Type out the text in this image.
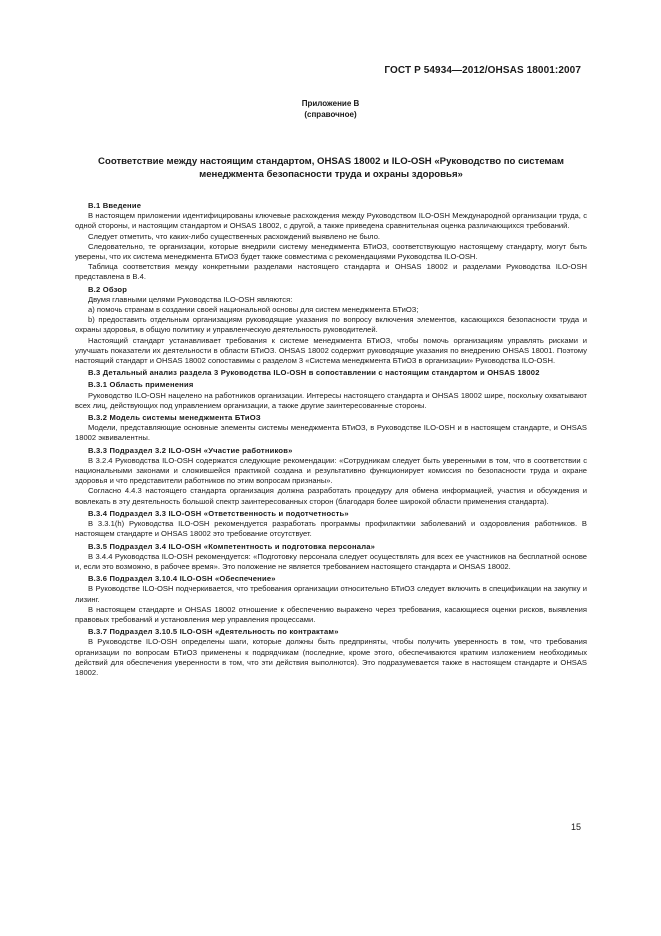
ГОСТ Р 54934—2012/OHSAS 18001:2007
Приложение В
(справочное)
Соответствие между настоящим стандартом, OHSAS 18002 и ILO-OSH «Руководство по системам менеджмента безопасности труда и охраны здоровья»

В.1 Введение

В настоящем приложении идентифицированы ключевые расхождения между Руководством ILO-OSH Международной организации труда, с одной стороны, и настоящим стандартом и OHSAS 18002, с другой, а также приведена сравнительная оценка различающихся требований.

Следует отметить, что каких-либо существенных расхождений выявлено не было.

Следовательно, те организации, которые внедрили систему менеджмента БТиОЗ, соответствующую настоящему стандарту, могут быть уверены, что их система менеджмента БТиОЗ будет также совместима с рекомендациями Руководства ILO-OSH.

Таблица соответствия между конкретными разделами настоящего стандарта и OHSAS 18002 и разделами Руководства ILO-OSH представлена в В.4.

В.2 Обзор

Двумя главными целями Руководства ILO-OSH являются:

а) помочь странам в создании своей национальной основы для систем менеджмента БТиОЗ;

b) предоставить отдельным организациям руководящие указания по вопросу включения элементов, касающихся безопасности труда и охраны здоровья, в общую политику и управленческую деятельность руководителей.

Настоящий стандарт устанавливает требования к системе менеджмента БТиОЗ, чтобы помочь организациям управлять рисками и улучшать показатели их деятельности в области БТиОЗ. OHSAS 18002 содержит руководящие указания по внедрению OHSAS 18001. Поэтому настоящий стандарт и OHSAS 18002 сопоставимы с разделом 3 «Система менеджмента БТиОЗ в организации» Руководства ILO-OSH.

В.3 Детальный анализ раздела 3 Руководства ILO-OSH в сопоставлении с настоящим стандартом и OHSAS 18002

В.3.1 Область применения

Руководство ILO-OSH нацелено на работников организации. Интересы настоящего стандарта и OHSAS 18002 шире, поскольку охватывают всех лиц, действующих под управлением организации, а также другие заинтересованные стороны.

В.3.2 Модель системы менеджмента БТиОЗ

Модели, представляющие основные элементы системы менеджмента БТиОЗ, в Руководстве ILO-OSH и в настоящем стандарте, и OHSAS 18002 эквивалентны.

В.3.3 Подраздел 3.2 ILO-OSH «Участие работников»

В 3.2.4 Руководства ILO-OSH содержатся следующие рекомендации: «Сотрудникам следует быть уверенными в том, что в соответствии с национальными законами и сложившейся практикой создана и результативно функционирует комиссия по безопасности труда и охране здоровья и что представители работников по этим вопросам признаны».

Согласно 4.4.3 настоящего стандарта организация должна разработать процедуру для обмена информацией, участия и обсуждения и вовлекать в эту деятельность большой спектр заинтересованных сторон (благодаря более широкой области применения стандарта).

В.3.4 Подраздел 3.3 ILO-OSH «Ответственность и подотчетность»

В 3.3.1(h) Руководства ILO-OSH рекомендуется разработать программы профилактики заболеваний и оздоровления работников. В настоящем стандарте и OHSAS 18002 это требование отсутствует.

В.3.5 Подраздел 3.4 ILO-OSH «Компетентность и подготовка персонала»

В 3.4.4 Руководства ILO-OSH рекомендуется: «Подготовку персонала следует осуществлять для всех ее участников на бесплатной основе и, если это возможно, в рабочее время». Это положение не является требованием настоящего стандарта и OHSAS 18002.

В.3.6 Подраздел 3.10.4 ILO-OSH «Обеспечение»

В Руководстве ILO-OSH подчеркивается, что требования организации относительно БТиОЗ следует включить в спецификации на закупку и лизинг.

В настоящем стандарте и OHSAS 18002 отношение к обеспечению выражено через требования, касающиеся оценки рисков, выявления правовых требований и установления мер управления процессами.

В.3.7 Подраздел 3.10.5 ILO-OSH «Деятельность по контрактам»

В Руководстве ILO-OSH определены шаги, которые должны быть предприняты, чтобы получить уверенность в том, что требования организации по вопросам БТиОЗ применены к подрядчикам (последние, кроме этого, обеспечиваются кратким изложением необходимых действий для обеспечения уверенности в том, что эти действия выполнются). Это подразумевается также в настоящем стандарте и OHSAS 18002.

15
